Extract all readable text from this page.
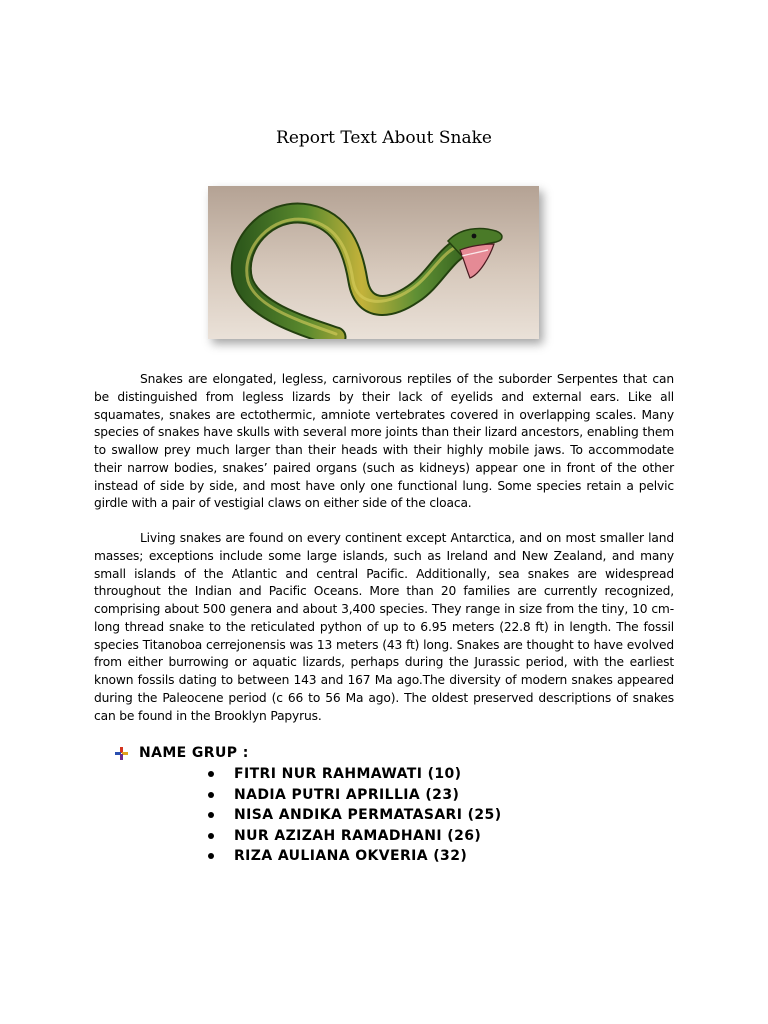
Report Text About Snake

Snakes are elongated, legless, carnivorous reptiles of the suborder Serpentes that can be distinguished from legless lizards by their lack of eyelids and external ears. Like all squamates, snakes are ectothermic, amniote vertebrates covered in overlapping scales. Many species of snakes have skulls with several more joints than their lizard ancestors, enabling them to swallow prey much larger than their heads with their highly mobile jaws. To accommodate their narrow bodies, snakes’ paired organs (such as kidneys) appear one in front of the other instead of side by side, and most have only one functional lung. Some species retain a pelvic girdle with a pair of vestigial claws on either side of the cloaca.

Living snakes are found on every continent except Antarctica, and on most smaller land masses; exceptions include some large islands, such as Ireland and New Zealand, and many small islands of the Atlantic and central Pacific. Additionally, sea snakes are widespread throughout the Indian and Pacific Oceans. More than 20 families are currently recognized, comprising about 500 genera and about 3,400 species. They range in size from the tiny, 10 cm-long thread snake to the reticulated python of up to 6.95 meters (22.8 ft) in length. The fossil species Titanoboa cerrejonensis was 13 meters (43 ft) long. Snakes are thought to have evolved from either burrowing or aquatic lizards, perhaps during the Jurassic period, with the earliest known fossils dating to between 143 and 167 Ma ago.The diversity of modern snakes appeared during the Paleocene period (c 66 to 56 Ma ago). The oldest preserved descriptions of snakes can be found in the Brooklyn Papyrus.

NAME GRUP :
FITRI NUR RAHMAWATI (10)
NADIA PUTRI APRILLIA (23)
NISA ANDIKA PERMATASARI (25)
NUR AZIZAH RAMADHANI (26)
RIZA AULIANA OKVERIA (32)
